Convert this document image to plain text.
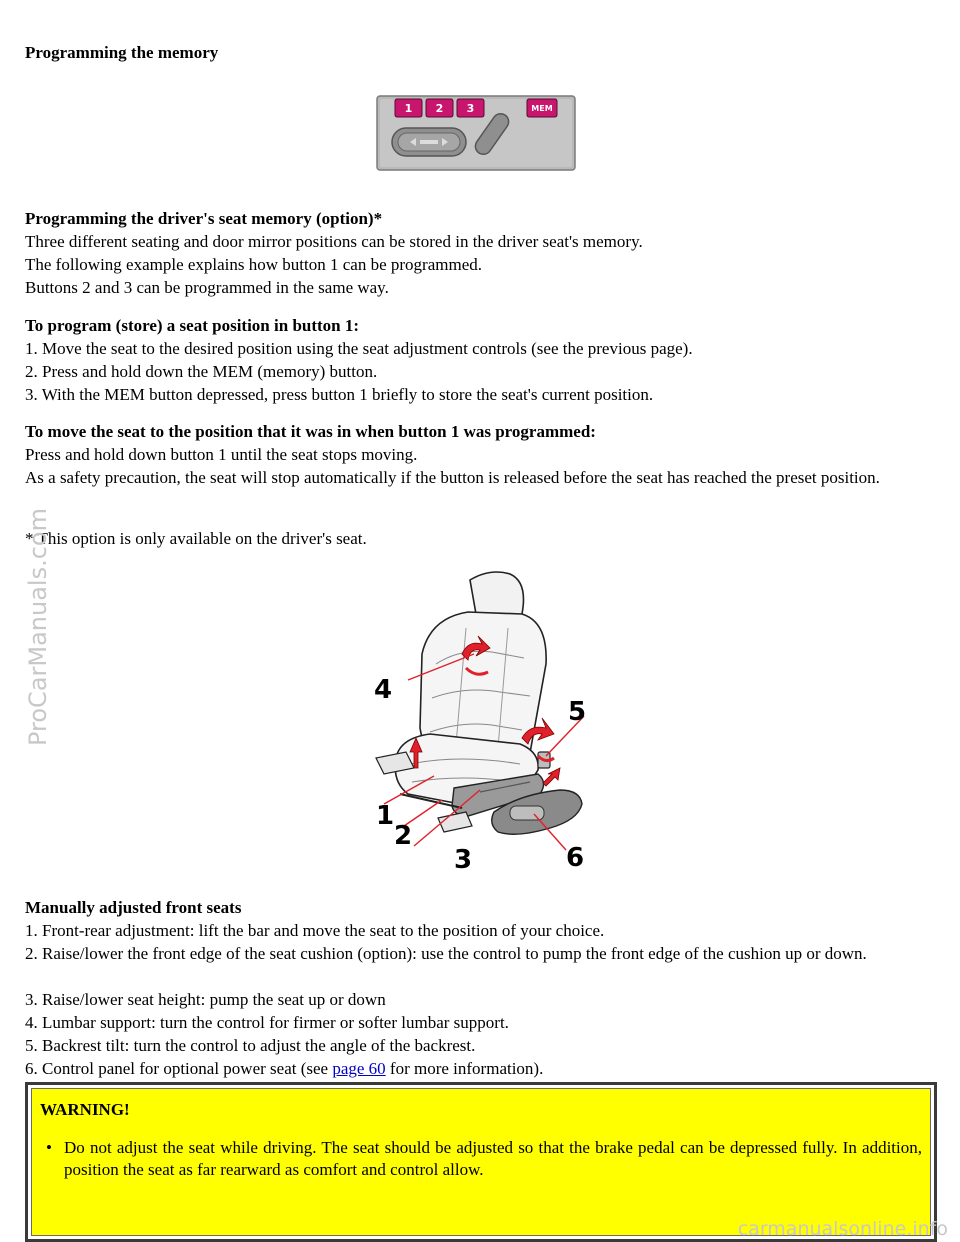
Programming the memory

1 2 3	MEM

Programming the driver's seat memory (option)*

Three different seating and door mirror positions can be stored in the driver seat's memory.

The following example explains how button 1 can be programmed.

Buttons 2 and 3 can be programmed in the same way.

To program (store) a seat position in button 1:

1. Move the seat to the desired position using the seat adjustment controls (see the previous page).

2. Press and hold down the MEM (memory) button.

3. With the MEM button depressed, press button 1 briefly to store the seat's current position.

To move the seat to the position that it was in when button 1 was programmed:

Press and hold down button 1 until the seat stops moving.

As a safety precaution, the seat will stop automatically if the button is released before the seat has reached the preset position.

* This option is only available on the driver's seat.

1
2
3
4
5
6

Manually adjusted front seats

1. Front-rear adjustment: lift the bar and move the seat to the position of your choice.

2. Raise/lower the front edge of the seat cushion (option): use the control to pump the front edge of the cushion up or down.

3. Raise/lower seat height: pump the seat up or down

4. Lumbar support: turn the control for firmer or softer lumbar support.

5. Backrest tilt: turn the control to adjust the angle of the backrest.

6. Control panel for optional power seat (see page 60 for more information).

WARNING!

• Do not adjust the seat while driving. The seat should be adjusted so that the brake pedal can be depressed fully. In addition, position the seat as far rearward as comfort and control allow.

ProCarManuals.com
carmanualsonline.info
